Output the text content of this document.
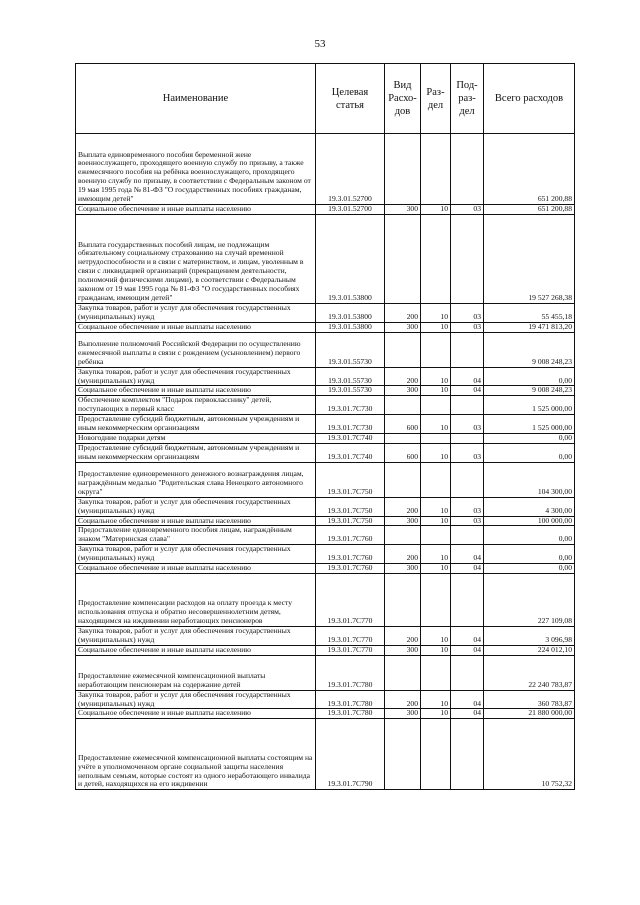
53
Наименование	Целевая статья	Вид Расхо- дов	Раз- дел	Под- раз- дел	Всего расходов
Выплата единовременного пособия беременной жене военнослужащего, проходящего военную службу по призыву, а также ежемесячного пособия на ребёнка военнослужащего, проходящего военную службу по призыву, в соответствии с Федеральным законом от 19 мая 1995 года № 81-ФЗ "О государственных пособиях гражданам, имеющим детей"	19.3.01.52700				651 200,88
Социальное обеспечение и иные выплаты населению	19.3.01.52700	300	10	03	651 200,88
Выплата государственных пособий лицам, не подлежащим обязательному социальному страхованию на случай временной нетрудоспособности и в связи с материнством, и лицам, уволенным в связи с ликвидацией организаций (прекращением деятельности, полномочий физическими лицами), в соответствии с Федеральным законом от 19 мая 1995 года № 81-ФЗ "О государственных пособиях гражданам, имеющим детей"	19.3.01.53800				19 527 268,38
Закупка товаров, работ и услуг для обеспечения государственных (муниципальных) нужд	19.3.01.53800	200	10	03	55 455,18
Социальное обеспечение и иные выплаты населению	19.3.01.53800	300	10	03	19 471 813,20
Выполнение полномочий Российской Федерации по осуществлению ежемесячной выплаты в связи с рождением (усыновлением) первого ребёнка	19.3.01.55730				9 008 248,23
Закупка товаров, работ и услуг для обеспечения государственных (муниципальных) нужд	19.3.01.55730	200	10	04	0,00
Социальное обеспечение и иные выплаты населению	19.3.01.55730	300	10	04	9 008 248,23
Обеспечение комплектом "Подарок первокласснику" детей, поступающих в первый класс	19.3.01.7С730				1 525 000,00
Предоставление субсидий бюджетным, автономным учреждениям и иным некоммерческим организациям	19.3.01.7С730	600	10	03	1 525 000,00
Новогодние подарки детям	19.3.01.7С740				0,00
Предоставление субсидий бюджетным, автономным учреждениям и иным некоммерческим организациям	19.3.01.7С740	600	10	03	0,00
Предоставление единовременного денежного вознаграждения лицам, награждённым медалью "Родительская слава Ненецкого автономного округа"	19.3.01.7С750				104 300,00
Закупка товаров, работ и услуг для обеспечения государственных (муниципальных) нужд	19.3.01.7С750	200	10	03	4 300,00
Социальное обеспечение и иные выплаты населению	19.3.01.7С750	300	10	03	100 000,00
Предоставление единовременного пособия лицам, награждённым знаком "Материнская слава"	19.3.01.7С760				0,00
Закупка товаров, работ и услуг для обеспечения государственных (муниципальных) нужд	19.3.01.7С760	200	10	04	0,00
Социальное обеспечение и иные выплаты населению	19.3.01.7С760	300	10	04	0,00
Предоставление компенсации расходов на оплату проезда к месту использования отпуска и обратно несовершеннолетним детям, находящимся на иждивении неработающих пенсионеров	19.3.01.7С770				227 109,08
Закупка товаров, работ и услуг для обеспечения государственных (муниципальных) нужд	19.3.01.7С770	200	10	04	3 096,98
Социальное обеспечение и иные выплаты населению	19.3.01.7С770	300	10	04	224 012,10
Предоставление ежемесячной компенсационной выплаты неработающим пенсионерам на содержание детей	19.3.01.7С780				22 240 783,87
Закупка товаров, работ и услуг для обеспечения государственных (муниципальных) нужд	19.3.01.7С780	200	10	04	360 783,87
Социальное обеспечение и иные выплаты населению	19.3.01.7С780	300	10	04	21 880 000,00
Предоставление ежемесячной компенсационной выплаты состоящим на учёте в уполномоченном органе социальной защиты населения неполным семьям, которые состоят из одного неработающего инвалида и детей, находящихся на его иждивении	19.3.01.7С790				10 752,32
